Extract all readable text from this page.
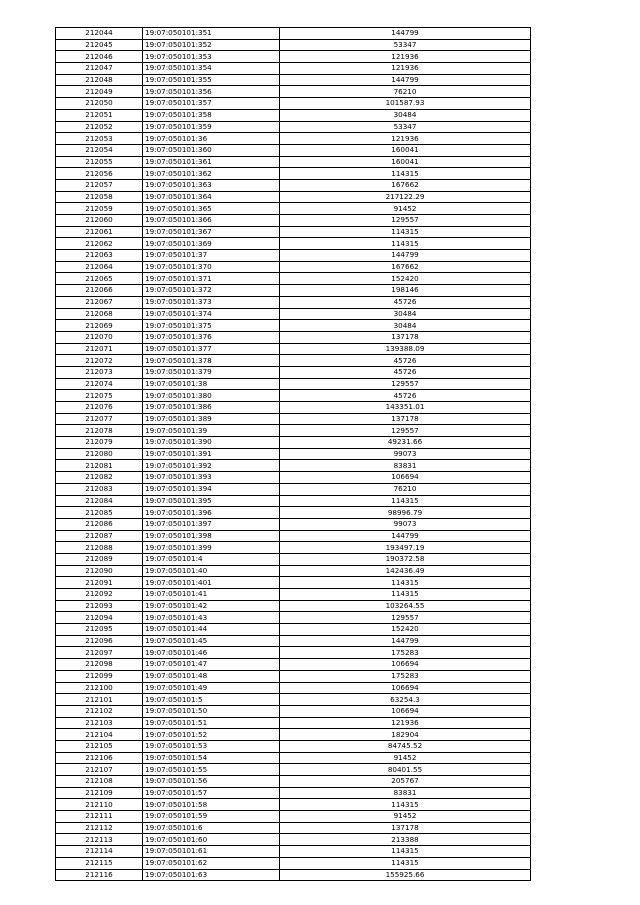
212044	19:07:050101:351	144799
212045	19:07:050101:352	53347
212046	19:07:050101:353	121936
212047	19:07:050101:354	121936
212048	19:07:050101:355	144799
212049	19:07:050101:356	76210
212050	19:07:050101:357	101587.93
212051	19:07:050101:358	30484
212052	19:07:050101:359	53347
212053	19:07:050101:36	121936
212054	19:07:050101:360	160041
212055	19:07:050101:361	160041
212056	19:07:050101:362	114315
212057	19:07:050101:363	167662
212058	19:07:050101:364	217122.29
212059	19:07:050101:365	91452
212060	19:07:050101:366	129557
212061	19:07:050101:367	114315
212062	19:07:050101:369	114315
212063	19:07:050101:37	144799
212064	19:07:050101:370	167662
212065	19:07:050101:371	152420
212066	19:07:050101:372	198146
212067	19:07:050101:373	45726
212068	19:07:050101:374	30484
212069	19:07:050101:375	30484
212070	19:07:050101:376	137178
212071	19:07:050101:377	139388.09
212072	19:07:050101:378	45726
212073	19:07:050101:379	45726
212074	19:07:050101:38	129557
212075	19:07:050101:380	45726
212076	19:07:050101:386	143351.01
212077	19:07:050101:389	137178
212078	19:07:050101:39	129557
212079	19:07:050101:390	49231.66
212080	19:07:050101:391	99073
212081	19:07:050101:392	83831
212082	19:07:050101:393	106694
212083	19:07:050101:394	76210
212084	19:07:050101:395	114315
212085	19:07:050101:396	98996.79
212086	19:07:050101:397	99073
212087	19:07:050101:398	144799
212088	19:07:050101:399	193497.19
212089	19:07:050101:4	190372.58
212090	19:07:050101:40	142436.49
212091	19:07:050101:401	114315
212092	19:07:050101:41	114315
212093	19:07:050101:42	103264.55
212094	19:07:050101:43	129557
212095	19:07:050101:44	152420
212096	19:07:050101:45	144799
212097	19:07:050101:46	175283
212098	19:07:050101:47	106694
212099	19:07:050101:48	175283
212100	19:07:050101:49	106694
212101	19:07:050101:5	63254.3
212102	19:07:050101:50	106694
212103	19:07:050101:51	121936
212104	19:07:050101:52	182904
212105	19:07:050101:53	84745.52
212106	19:07:050101:54	91452
212107	19:07:050101:55	80401.55
212108	19:07:050101:56	205767
212109	19:07:050101:57	83831
212110	19:07:050101:58	114315
212111	19:07:050101:59	91452
212112	19:07:050101:6	137178
212113	19:07:050101:60	213388
212114	19:07:050101:61	114315
212115	19:07:050101:62	114315
212116	19:07:050101:63	155925.66
